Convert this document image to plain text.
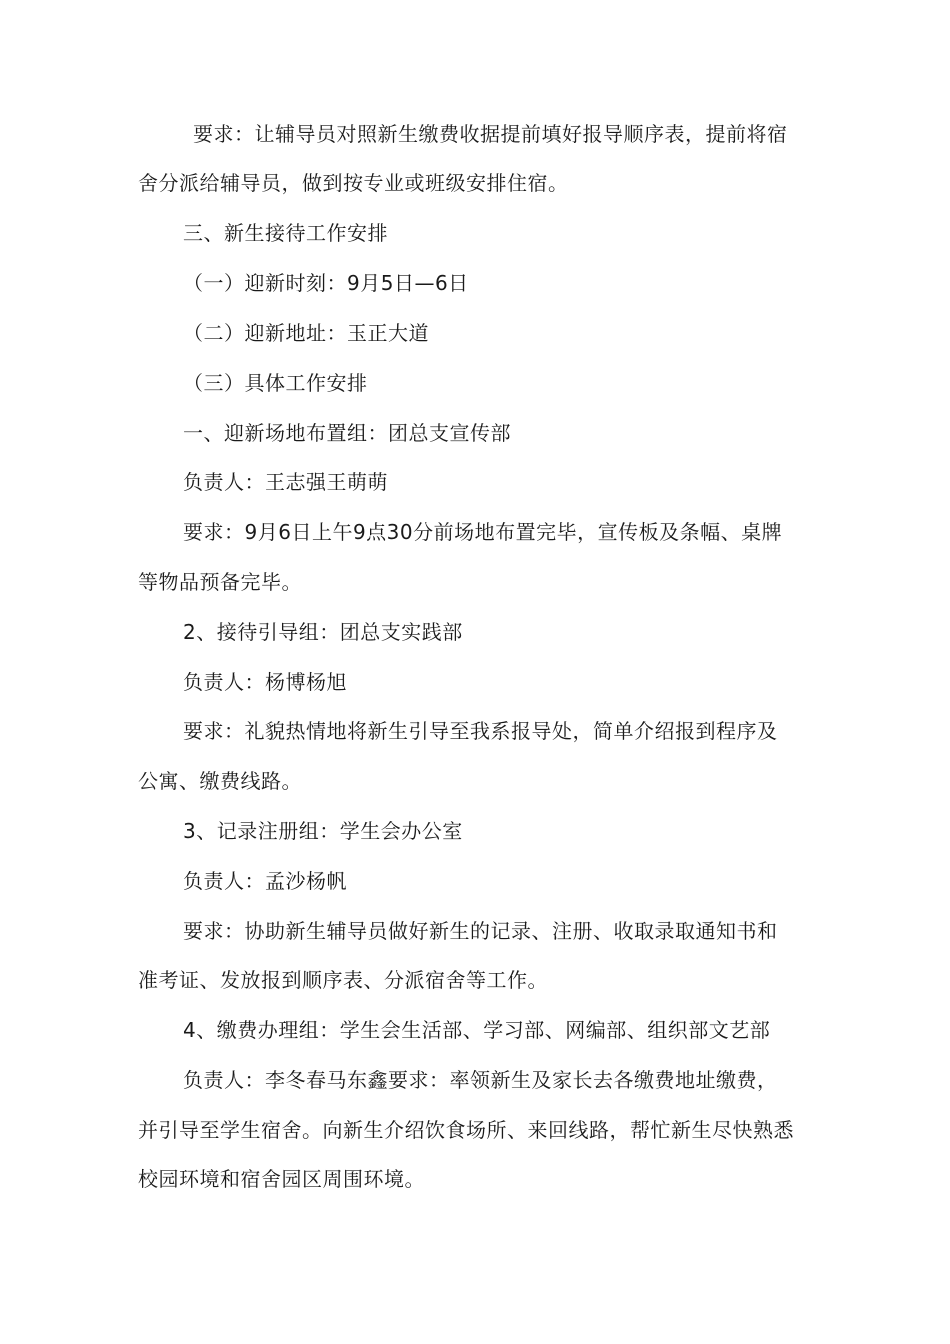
要求：让辅导员对照新生缴费收据提前填好报导顺序表，提前将宿
舍分派给辅导员，做到按专业或班级安排住宿。
三、新生接待工作安排
（一）迎新时刻：9月5日—6日
（二）迎新地址：玉正大道
（三）具体工作安排
一、迎新场地布置组：团总支宣传部
负责人：王志强王萌萌
要求：9月6日上午9点30分前场地布置完毕，宣传板及条幅、桌牌
等物品预备完毕。
2、接待引导组：团总支实践部
负责人：杨博杨旭
要求：礼貌热情地将新生引导至我系报导处，简单介绍报到程序及
公寓、缴费线路。
3、记录注册组：学生会办公室
负责人：孟沙杨帆
要求：协助新生辅导员做好新生的记录、注册、收取录取通知书和
准考证、发放报到顺序表、分派宿舍等工作。
4、缴费办理组：学生会生活部、学习部、网编部、组织部文艺部
负责人：李冬春马东鑫要求：率领新生及家长去各缴费地址缴费，
并引导至学生宿舍。向新生介绍饮食场所、来回线路，帮忙新生尽快熟悉
校园环境和宿舍园区周围环境。
